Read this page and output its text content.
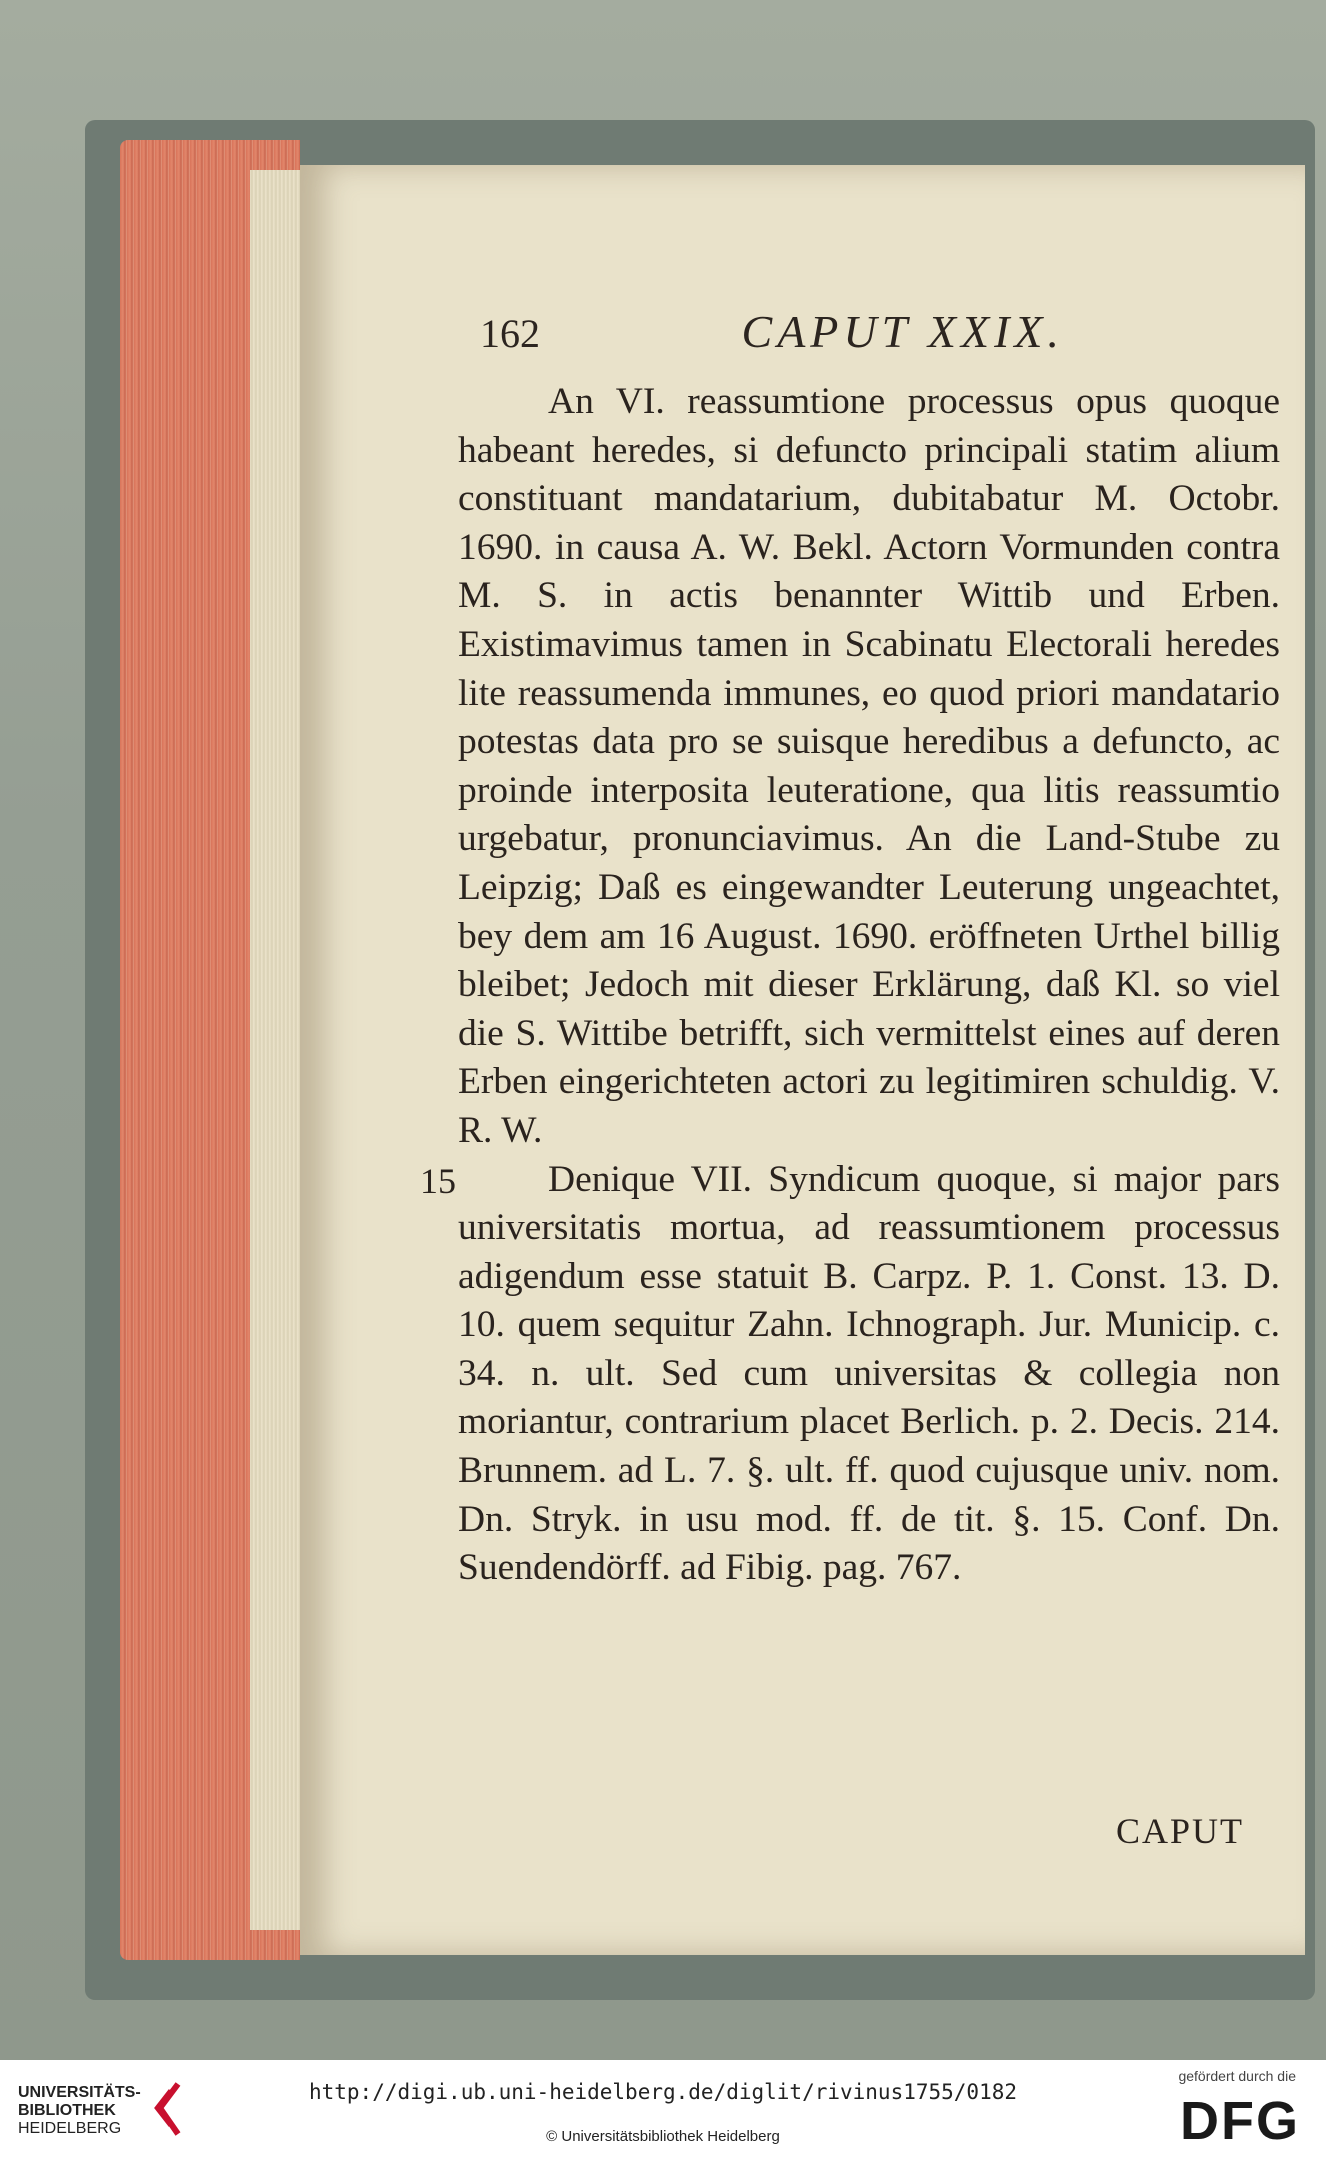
162	CAPUT XXIX.

An VI. reassumtione processus opus quoque habeant heredes, si defuncto principali statim alium constituant mandatarium, dubitabatur M. Octobr. 1690. in causa A. W. Bekl. Actorn Vormunden contra M. S. in actis benannter Wittib und Erben. Existimavimus tamen in Scabinatu Electorali heredes lite reassumenda immunes, eo quod priori mandatario potestas data pro se suisque heredibus a defuncto, ac proinde interposita leuteratione, qua litis reassumtio urgebatur, pronunciavimus. An die Land-Stube zu Leipzig; Daß es eingewandter Leuterung ungeachtet, bey dem am 16 August. 1690. eröffneten Urthel billig bleibet; Jedoch mit dieser Erklärung, daß Kl. so viel die S. Wittibe betrifft, sich vermittelst eines auf deren Erben eingerichteten actori zu legitimiren schuldig. V. R. W.

Denique VII. Syndicum quoque, si major pars universitatis mortua, ad reassumtionem processus adigendum esse statuit B. Carpz. P. 1. Const. 13. D. 10. quem sequitur Zahn. Ichnograph. Jur. Municip. c. 34. n. ult. Sed cum universitas & collegia non moriantur, contrarium placet Berlich. p. 2. Decis. 214. Brunnem. ad L. 7. §. ult. ff. quod cujusque univ. nom. Dn. Stryk. in usu mod. ff. de tit. §. 15. Conf. Dn. Suendendörff. ad Fibig. pag. 767.

15
CAPUT
UNIVERSITÄTS-
BIBLIOTHEK
HEIDELBERG
http://digi.ub.uni-heidelberg.de/diglit/rivinus1755/0182
© Universitätsbibliothek Heidelberg
gefördert durch die
DFG
